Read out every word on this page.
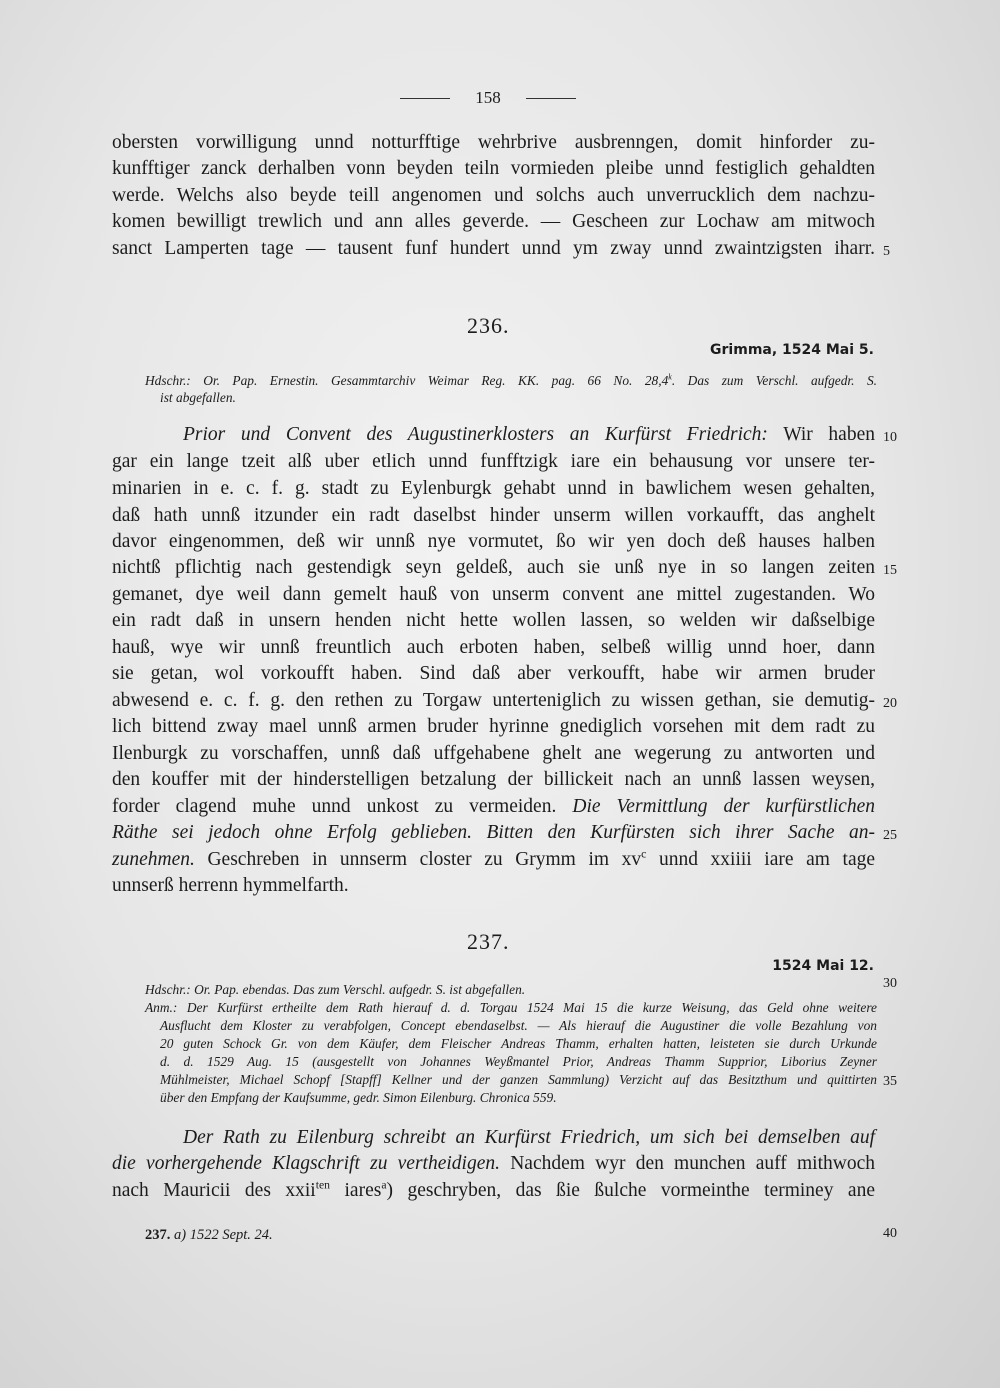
158
obersten vorwilligung unnd notturfftige wehrbrive ausbrenngen, domit hinforder zu-
kunfftiger zanck derhalben vonn beyden teiln vormieden pleibe unnd festiglich gehaldten
werde. Welchs also beyde teill angenomen und solchs auch unverrucklich dem nachzu-
komen bewilligt trewlich und ann alles geverde. — Gescheen zur Lochaw am mitwoch
sanct Lamperten tage — tausent funf hundert unnd ym zway unnd zwaintzigsten iharr. 5
236.
Grimma, 1524 Mai 5.
Hdschr.: Or. Pap. Ernestin. Gesammtarchiv Weimar Reg. KK. pag. 66 No. 28,4$^k$. Das zum Verschl. aufgedr. S.
ist abgefallen.
Prior und Convent des Augustinerklosters an Kurfürst Friedrich: Wir haben 10
gar ein lange tzeit alß uber etlich unnd funfftzigk iare ein behausung vor unsere ter-
minarien in e. c. f. g. stadt zu Eylenburgk gehabt unnd in bawlichem wesen gehalten,
daß hath unnß itzunder ein radt daselbst hinder unserm willen vorkaufft, das anghelt
davor eingenommen, deß wir unnß nye vormutet, ßo wir yen doch deß hauses halben
nichtß pflichtig nach gestendigk seyn geldeß, auch sie unß nye in so langen zeiten 15
gemanet, dye weil dann gemelt hauß von unserm convent ane mittel zugestanden. Wo
ein radt daß in unsern henden nicht hette wollen lassen, so welden wir daßselbige
hauß, wye wir unnß freuntlich auch erboten haben, selbeß willig unnd hoer, dann
sie getan, wol vorkoufft haben. Sind daß aber verkoufft, habe wir armen bruder
abwesend e. c. f. g. den rethen zu Torgaw unterteniglich zu wissen gethan, sie demutig- 20
lich bittend zway mael unnß armen bruder hyrinne gnediglich vorsehen mit dem radt zu
Ilenburgk zu vorschaffen, unnß daß uffgehabene ghelt ane wegerung zu antworten und
den kouffer mit der hinderstelligen betzalung der billickeit nach an unnß lassen weysen,
forder clagend muhe unnd unkost zu vermeiden. Die Vermittlung der kurfürstlichen
Räthe sei jedoch ohne Erfolg geblieben. Bitten den Kurfürsten sich ihrer Sache an- 25
zunehmen. Geschreben in unnserm closter zu Grymm im $xv^c$ unnd xxiiii iare am tage
unnserß herrenn hymmelfarth.
237.
1524 Mai 12.
Hdschr.: Or. Pap. ebendas. Das zum Verschl. aufgedr. S. ist abgefallen.	30
Anm.: Der Kurfürst ertheilte dem Rath hierauf d. d. Torgau 1524 Mai 15 die kurze Weisung, das Geld ohne weitere
Ausflucht dem Kloster zu verabfolgen, Concept ebendaselbst. — Als hierauf die Augustiner die volle Bezahlung von
20 guten Schock Gr. von dem Käufer, dem Fleischer Andreas Thamm, erhalten hatten, leisteten sie durch Urkunde
d. d. 1529 Aug. 15 (ausgestellt von Johannes Weyßmantel Prior, Andreas Thamm Supprior, Liborius Zeyner
Mühlmeister, Michael Schopf [Stapff] Kellner und der ganzen Sammlung) Verzicht auf das Besitzthum und quittirten 35
über den Empfang der Kaufsumme, gedr. Simon Eilenburg. Chronica 559.
Der Rath zu Eilenburg schreibt an Kurfürst Friedrich, um sich bei demselben auf
die vorhergehende Klagschrift zu vertheidigen. Nachdem wyr den munchen auff mithwoch
nach Mauricii des xxii$^{ten}$ iares$^a$) geschryben, das ßie ßulche vormeinthe terminey ane
237. a) 1522 Sept. 24.	40
